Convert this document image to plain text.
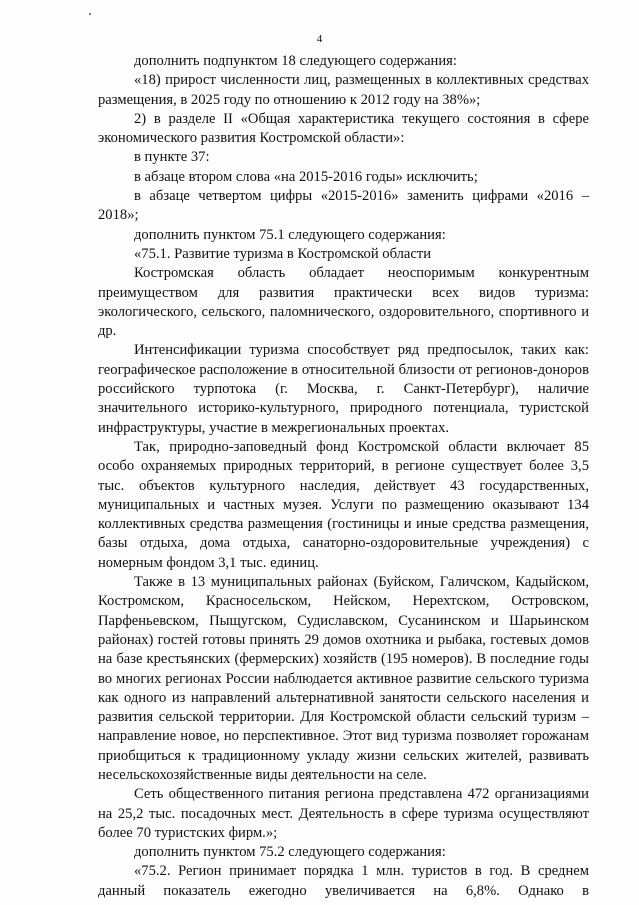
4

дополнить подпунктом 18 следующего содержания:

«18) прирост численности лиц, размещенных в коллективных средствах размещения, в 2025 году по отношению к 2012 году на 38%»;

2) в разделе II «Общая характеристика текущего состояния в сфере экономического развития Костромской области»:

в пункте 37:

в абзаце втором слова «на 2015-2016 годы» исключить;

в абзаце четвертом цифры «2015-2016» заменить цифрами «2016 – 2018»;

дополнить пунктом 75.1 следующего содержания:

«75.1. Развитие туризма в Костромской области

Костромская область обладает неоспоримым конкурентным преимуществом для развития практически всех видов туризма: экологического, сельского, паломнического, оздоровительного, спортивного и др.

Интенсификации туризма способствует ряд предпосылок, таких как: географическое расположение в относительной близости от регионов-доноров российского турпотока (г. Москва, г. Санкт-Петербург), наличие значительного историко-культурного, природного потенциала, туристской инфраструктуры, участие в межрегиональных проектах.

Так, природно-заповедный фонд Костромской области включает 85 особо охраняемых природных территорий, в регионе существует более 3,5 тыс. объектов культурного наследия, действует 43 государственных, муниципальных и частных музея. Услуги по размещению оказывают 134 коллективных средства размещения (гостиницы и иные средства размещения, базы отдыха, дома отдыха, санаторно-оздоровительные учреждения) с номерным фондом 3,1 тыс. единиц.

Также в 13 муниципальных районах (Буйском, Галичском, Кадыйском, Костромском, Красносельском, Нейском, Нерехтском, Островском, Парфеньевском, Пыщугском, Судиславском, Сусанинском и Шарьинском районах) гостей готовы принять 29 домов охотника и рыбака, гостевых домов на базе крестьянских (фермерских) хозяйств (195 номеров). В последние годы во многих регионах России наблюдается активное развитие сельского туризма как одного из направлений альтернативной занятости сельского населения и развития сельской территории. Для Костромской области сельский туризм – направление новое, но перспективное. Этот вид туризма позволяет горожанам приобщиться к традиционному укладу жизни сельских жителей, развивать несельскохозяйственные виды деятельности на селе.

Сеть общественного питания региона представлена 472 организациями на 25,2 тыс. посадочных мест. Деятельность в сфере туризма осуществляют более 70 туристских фирм.»;

дополнить пунктом 75.2 следующего содержания:

«75.2. Регион принимает порядка 1 млн. туристов в год. В среднем данный показатель ежегодно увеличивается на 6,8%. Однако в
